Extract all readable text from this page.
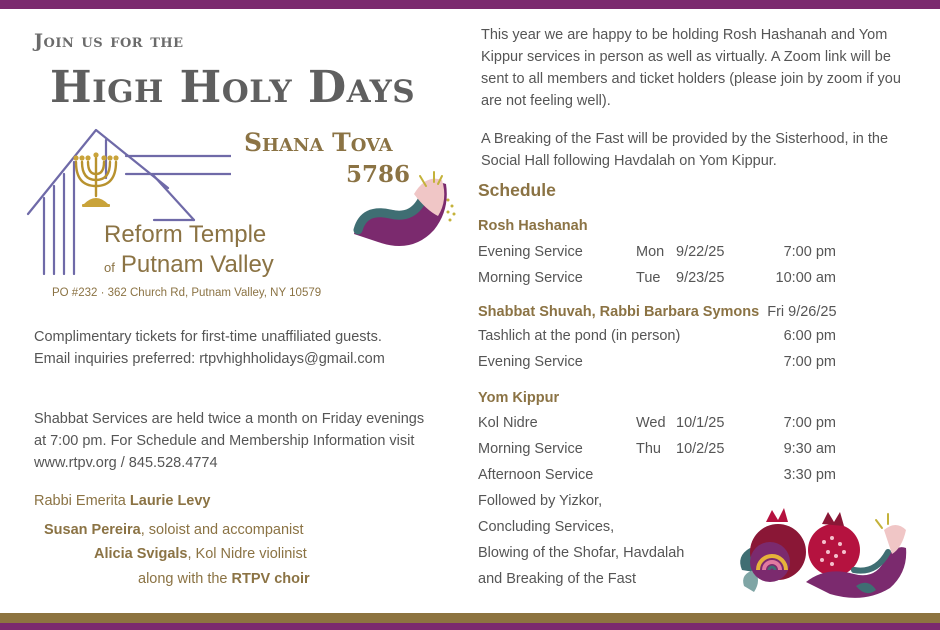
Join us for the
High Holy Days
Shana Tova
5786
Reform Temple
of Putnam Valley
PO #232 · 362 Church Rd, Putnam Valley, NY 10579
Complimentary tickets for first-time unaffiliated guests. Email inquiries preferred: rtpvhighholidays@gmail.com
Shabbat Services are held twice a month on Friday evenings at 7:00 pm. For Schedule and Membership Information visit www.rtpv.org / 845.528.4774
Rabbi Emerita Laurie Levy
Susan Pereira, soloist and accompanist
Alicia Svigals, Kol Nidre violinist
along with the RTPV choir
This year we are happy to be holding Rosh Hashanah and Yom Kippur services in person as well as virtually. A Zoom link will be sent to all members and ticket holders (please join by zoom if you are not feeling well).
A Breaking of the Fast will be provided by the Sisterhood, in the Social Hall following Havdalah on Yom Kippur.
Schedule
Rosh Hashanah
Evening Service	Mon 9/22/25	7:00 pm
Morning Service	Tue 9/23/25	10:00 am
Shabbat Shuvah, Rabbi Barbara Symons Fri 9/26/25
Tashlich at the pond (in person)	6:00 pm
Evening Service	7:00 pm
Yom Kippur
Kol Nidre	Wed 10/1/25	7:00 pm
Morning Service	Thu 10/2/25	9:30 am
Afternoon Service	3:30 pm
Followed by Yizkor,
Concluding Services,
Blowing of the Shofar, Havdalah
and Breaking of the Fast
